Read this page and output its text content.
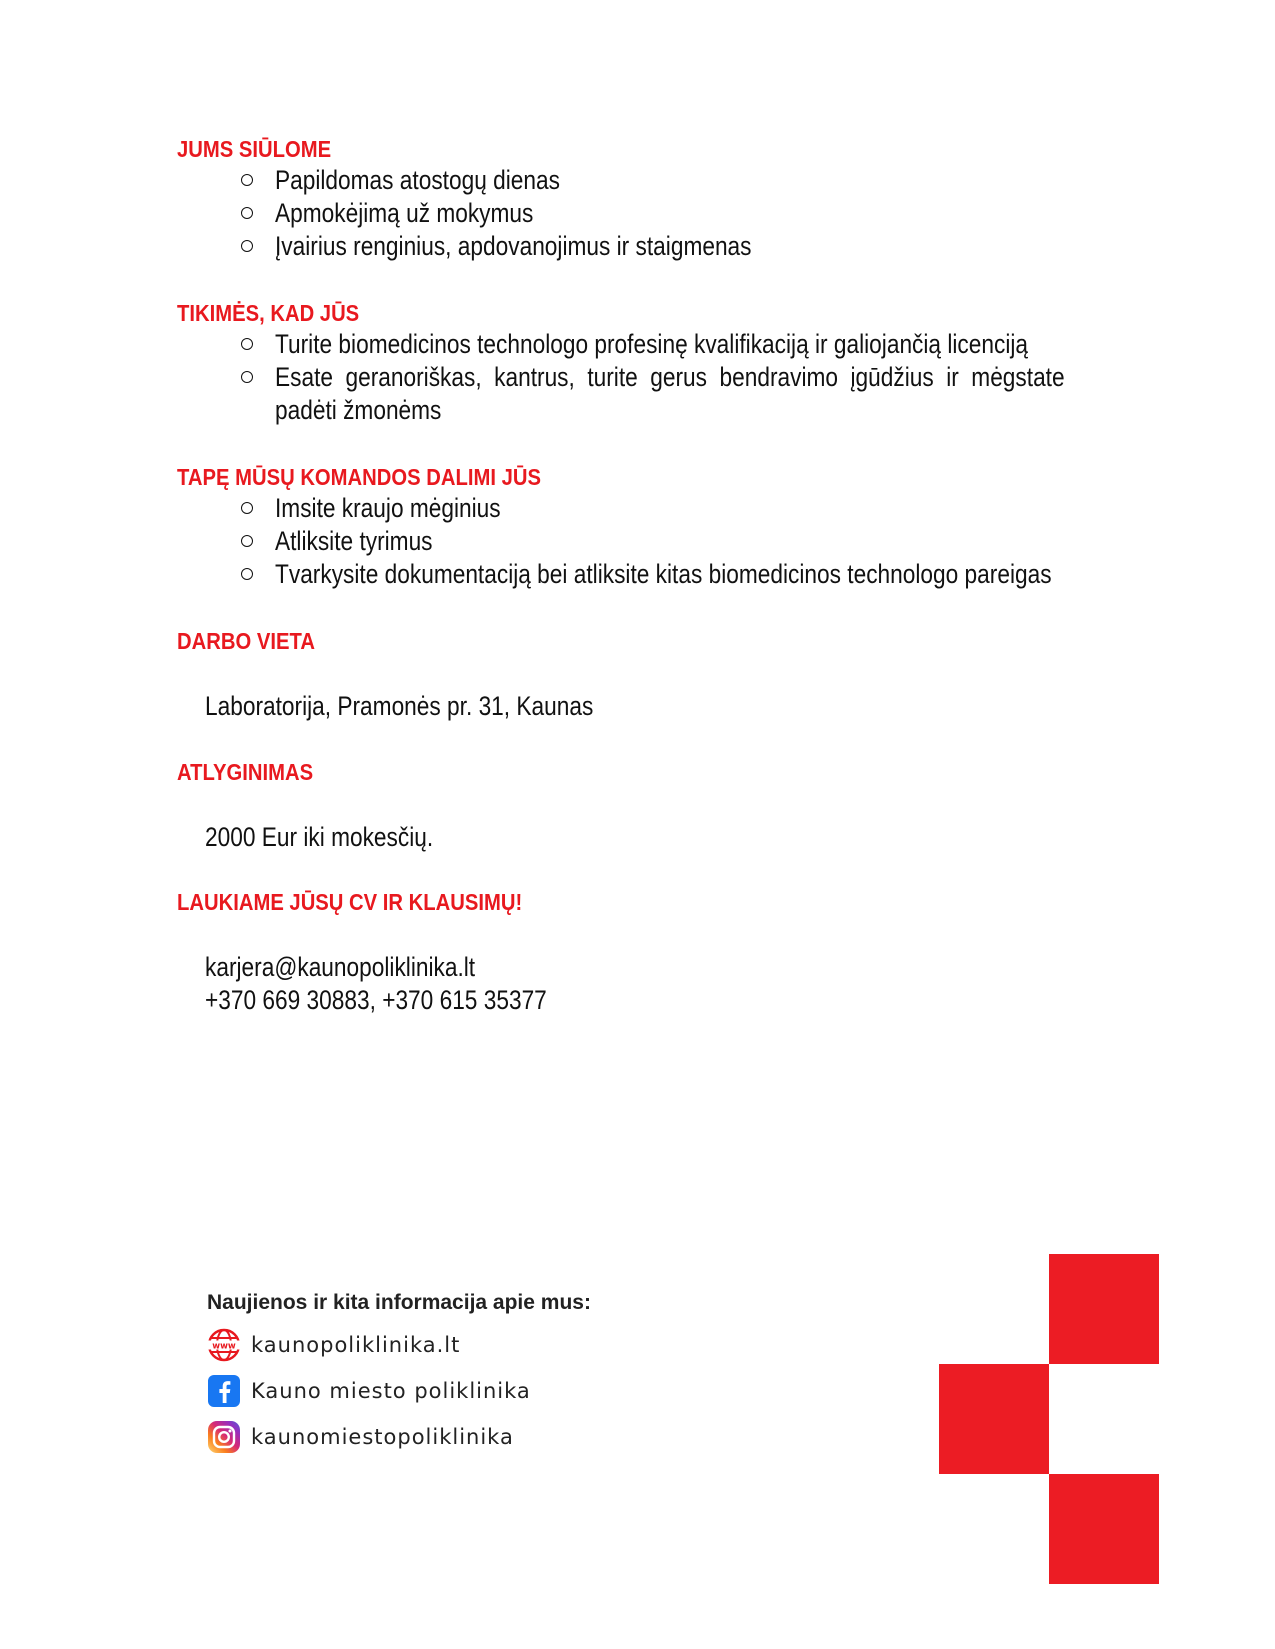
JUMS SIŪLOME
Papildomas atostogų dienas
Apmokėjimą už mokymus
Įvairius renginius, apdovanojimus ir staigmenas
TIKIMĖS, KAD JŪS
Turite biomedicinos technologo profesinę kvalifikaciją ir galiojančią licenciją
Esate geranoriškas, kantrus, turite gerus bendravimo įgūdžius ir mėgstate padėti žmonėms
TAPĘ MŪSŲ KOMANDOS DALIMI JŪS
Imsite kraujo mėginius
Atliksite tyrimus
Tvarkysite dokumentaciją bei atliksite kitas biomedicinos technologo pareigas
DARBO VIETA
Laboratorija, Pramonės pr. 31, Kaunas
ATLYGINIMAS
2000 Eur iki mokesčių.
LAUKIAME JŪSŲ CV IR KLAUSIMŲ!
karjera@kaunopoliklinika.lt
+370 669 30883, +370 615 35377
Naujienos ir kita informacija apie mus:
www kaunopoliklinika.lt
Kauno miesto poliklinika
kaunomiestopoliklinika
